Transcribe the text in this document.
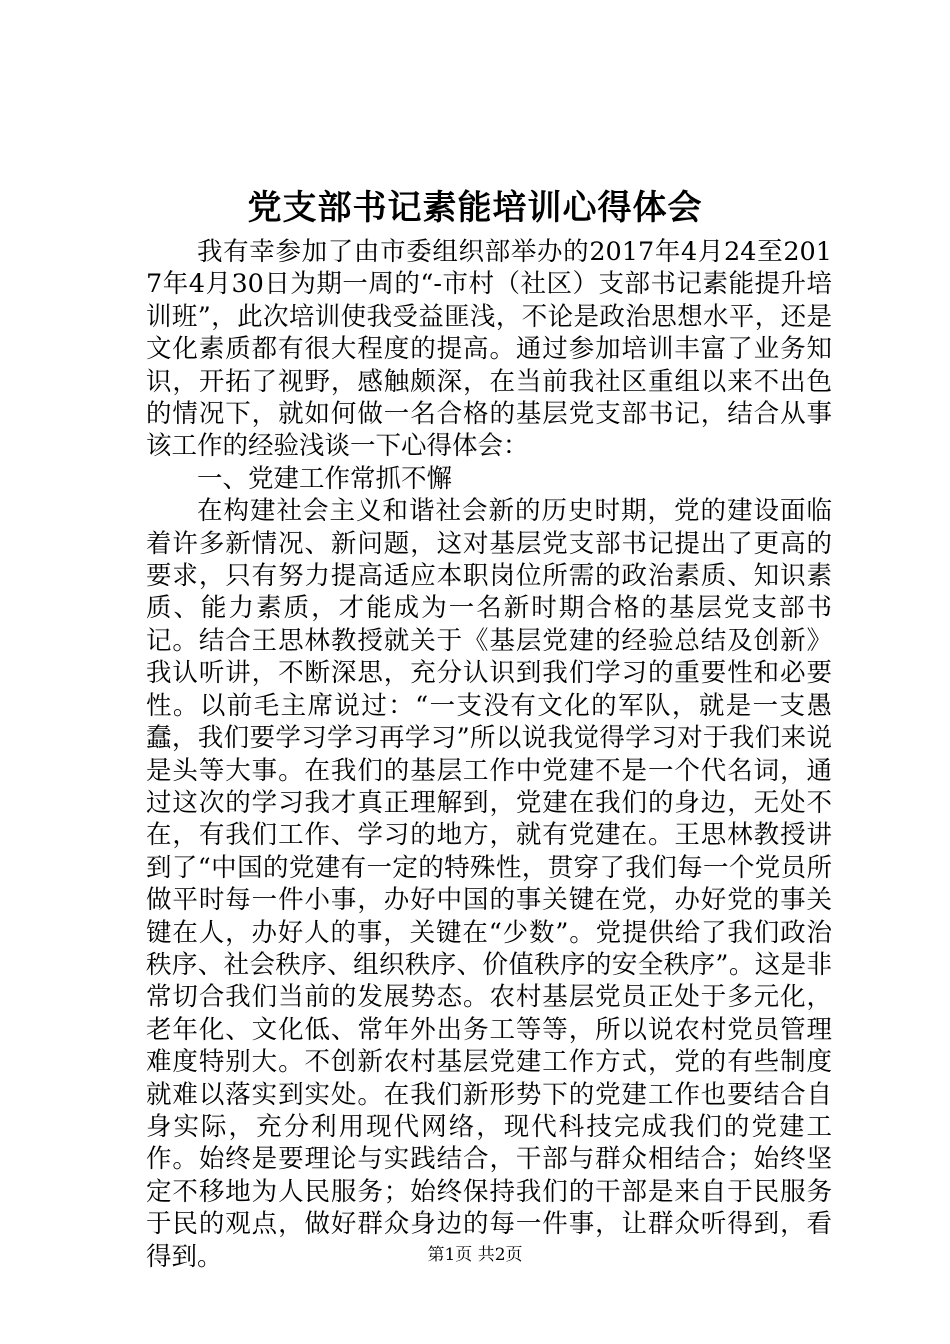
党支部书记素能培训心得体会

我有幸参加了由市委组织部举办的2017年4月24至2017年4月30日为期一周的“-市村（社区）支部书记素能提升培训班”，此次培训使我受益匪浅，不论是政治思想水平，还是文化素质都有很大程度的提高。通过参加培训丰富了业务知识，开拓了视野，感触颇深，在当前我社区重组以来不出色的情况下，就如何做一名合格的基层党支部书记，结合从事该工作的经验浅谈一下心得体会：

一、党建工作常抓不懈

在构建社会主义和谐社会新的历史时期，党的建设面临着许多新情况、新问题，这对基层党支部书记提出了更高的要求，只有努力提高适应本职岗位所需的政治素质、知识素质、能力素质，才能成为一名新时期合格的基层党支部书记。结合王思林教授就关于《基层党建的经验总结及创新》我认听讲，不断深思，充分认识到我们学习的重要性和必要性。以前毛主席说过：“一支没有文化的军队，就是一支愚蠢，我们要学习学习再学习”所以说我觉得学习对于我们来说是头等大事。在我们的基层工作中党建不是一个代名词，通过这次的学习我才真正理解到，党建在我们的身边，无处不在，有我们工作、学习的地方，就有党建在。王思林教授讲到了“中国的党建有一定的特殊性，贯穿了我们每一个党员所做平时每一件小事，办好中国的事关键在党，办好党的事关键在人，办好人的事，关键在“少数”。党提供给了我们政治秩序、社会秩序、组织秩序、价值秩序的安全秩序”。这是非常切合我们当前的发展势态。农村基层党员正处于多元化，老年化、文化低、常年外出务工等等，所以说农村党员管理难度特别大。不创新农村基层党建工作方式，党的有些制度就难以落实到实处。在我们新形势下的党建工作也要结合自身实际，充分利用现代网络，现代科技完成我们的党建工作。始终是要理论与实践结合，干部与群众相结合；始终坚定不移地为人民服务；始终保持我们的干部是来自于民服务于民的观点，做好群众身边的每一件事，让群众听得到，看得到。	第1页 共2页
